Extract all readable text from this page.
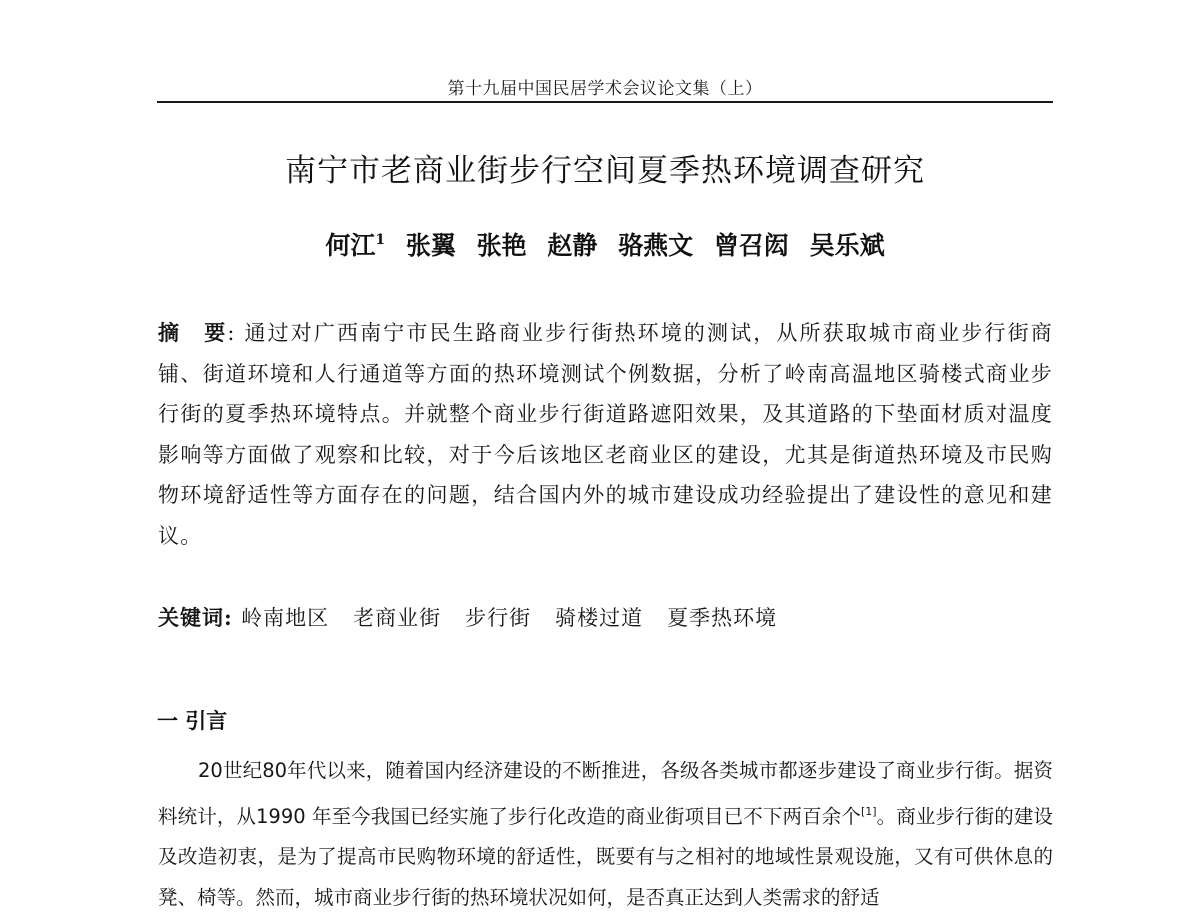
第十九届中国民居学术会议论文集（上）
南宁市老商业街步行空间夏季热环境调查研究

何江$^1$ 张翼 张艳 赵静 骆燕文 曾召闳 吴乐斌

摘　要: 通过对广西南宁市民生路商业步行街热环境的测试，从所获取城市商业步行街商铺、街道环境和人行通道等方面的热环境测试个例数据，分析了岭南高温地区骑楼式商业步行街的夏季热环境特点。并就整个商业步行街道路遮阳效果，及其道路的下垫面材质对温度影响等方面做了观察和比较，对于今后该地区老商业区的建设，尤其是街道热环境及市民购物环境舒适性等方面存在的问题，结合国内外的城市建设成功经验提出了建设性的意见和建议。

关键词: 岭南地区 老商业街 步行街 骑楼过道 夏季热环境

一 引言

20世纪80年代以来，随着国内经济建设的不断推进，各级各类城市都逐步建设了商业步行街。据资料统计，从1990 年至今我国已经实施了步行化改造的商业街项目已不下两百余个[1]。商业步行街的建设及改造初衷，是为了提高市民购物环境的舒适性，既要有与之相衬的地域性景观设施，又有可供休息的凳、椅等。然而，城市商业步行街的热环境状况如何，是否真正达到人类需求的舒适
